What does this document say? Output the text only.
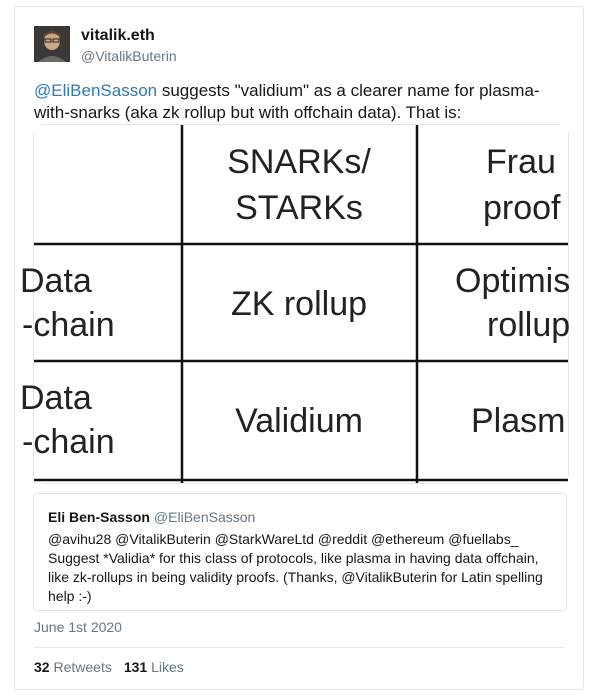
vitalik.eth
@VitalikButerin
@EliBenSasson suggests "validium" as a clearer name for plasma-with-snarks (aka zk rollup but with offchain data). That is:
SNARKs/
STARKs
Frau
proof
Data
-chain
ZK rollup
Optimis
rollup
Data
-chain
Validium	Plasm
Eli Ben-Sasson @EliBenSasson
@avihu28 @VitalikButerin @StarkWareLtd @reddit @ethereum @fuellabs_ Suggest *Validia* for this class of protocols, like plasma in having data offchain, like zk-rollups in being validity proofs. (Thanks, @VitalikButerin for Latin spelling help :-)
June 1st 2020
32 Retweets 131 Likes
